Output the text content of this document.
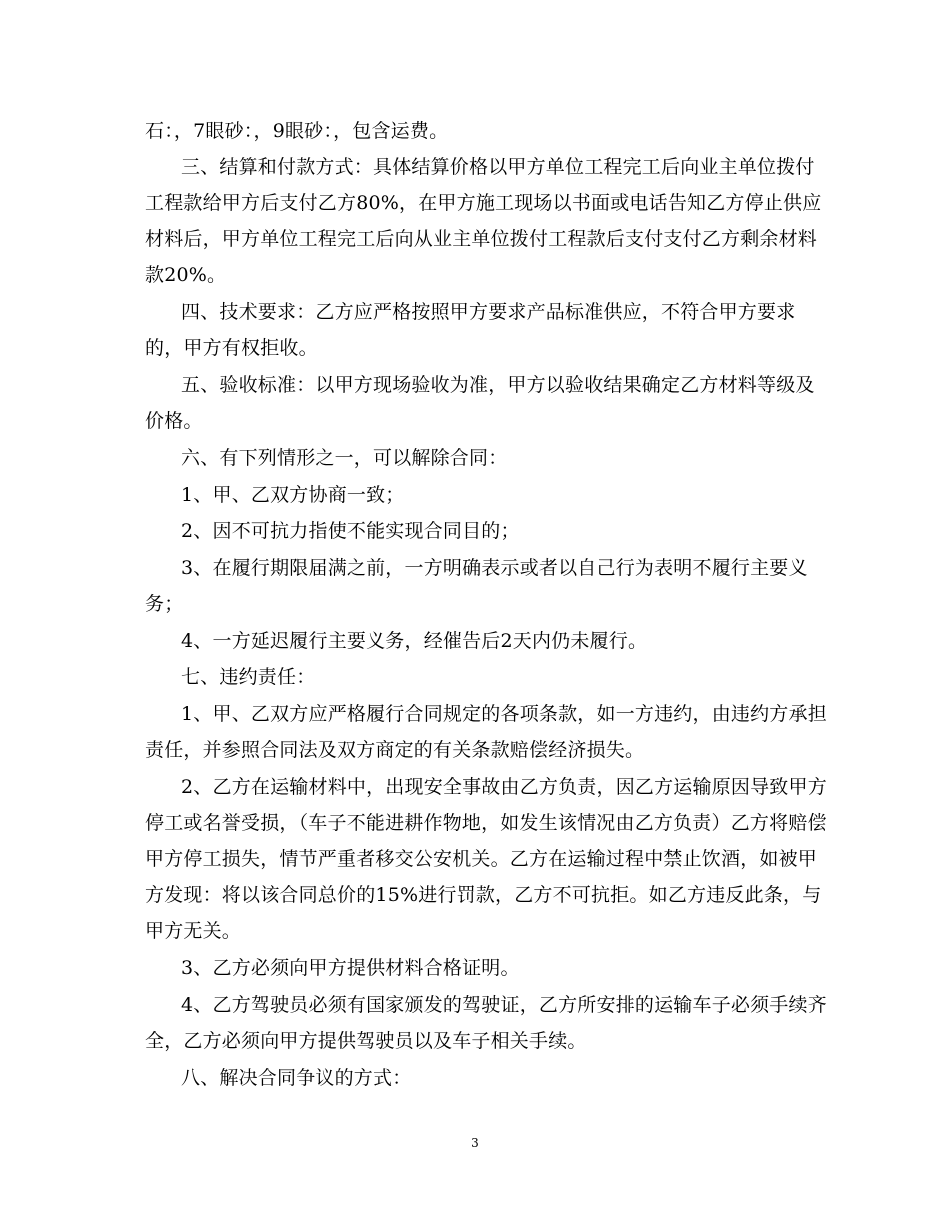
石：，7眼砂：，9眼砂：，包含运费。
三、结算和付款方式：具体结算价格以甲方单位工程完工后向业主单位拨付
工程款给甲方后支付乙方80%，在甲方施工现场以书面或电话告知乙方停止供应
材料后，甲方单位工程完工后向从业主单位拨付工程款后支付支付乙方剩余材料
款20%。
四、技术要求：乙方应严格按照甲方要求产品标准供应，不符合甲方要求
的，甲方有权拒收。
五、验收标准：以甲方现场验收为准，甲方以验收结果确定乙方材料等级及
价格。
六、有下列情形之一，可以解除合同：
1、甲、乙双方协商一致；
2、因不可抗力指使不能实现合同目的；
3、在履行期限届满之前，一方明确表示或者以自己行为表明不履行主要义
务；
4、一方延迟履行主要义务，经催告后2天内仍未履行。
七、违约责任：
1、甲、乙双方应严格履行合同规定的各项条款，如一方违约，由违约方承担
责任，并参照合同法及双方商定的有关条款赔偿经济损失。
2、乙方在运输材料中，出现安全事故由乙方负责，因乙方运输原因导致甲方
停工或名誉受损，（车子不能进耕作物地，如发生该情况由乙方负责）乙方将赔偿
甲方停工损失，情节严重者移交公安机关。乙方在运输过程中禁止饮酒，如被甲
方发现：将以该合同总价的15%进行罚款，乙方不可抗拒。如乙方违反此条，与
甲方无关。
3、乙方必须向甲方提供材料合格证明。
4、乙方驾驶员必须有国家颁发的驾驶证，乙方所安排的运输车子必须手续齐
全，乙方必须向甲方提供驾驶员以及车子相关手续。
八、解决合同争议的方式：
3
